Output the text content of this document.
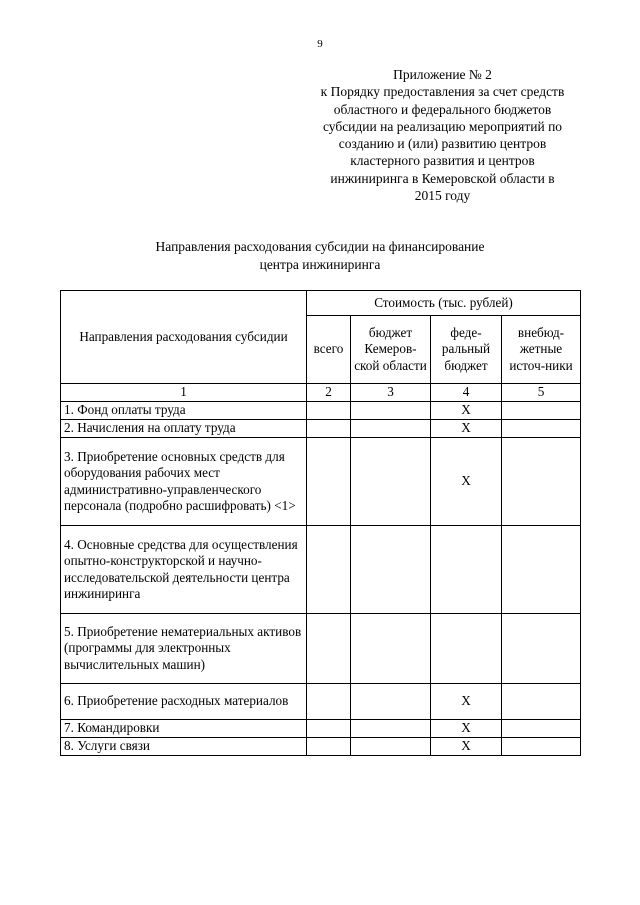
9
Приложение № 2
к Порядку предоставления за счет средств
областного и федерального бюджетов
субсидии на реализацию мероприятий по
созданию и (или) развитию центров
кластерного развития и центров
инжиниринга в Кемеровской области в
2015 году
Направления расходования субсидии на финансирование
центра инжиниринга
Направления расходования субсидии	Стоимость (тыс. рублей)			
	всего	бюджет Кемеров-ской области	феде-ральный бюджет	внебюд-жетные источ-ники
1	2	3	4	5
1. Фонд оплаты труда			X	
2. Начисления на оплату труда			X	
3. Приобретение основных средств для оборудования рабочих мест административно-управленческого персонала (подробно расшифровать) <1>			X	
4. Основные средства для осуществления опытно-конструкторской и научно-исследовательской деятельности центра инжиниринга				
5. Приобретение нематериальных активов (программы для электронных вычислительных машин)				
6. Приобретение расходных материалов			X	
7. Командировки			X	
8. Услуги связи			X	
